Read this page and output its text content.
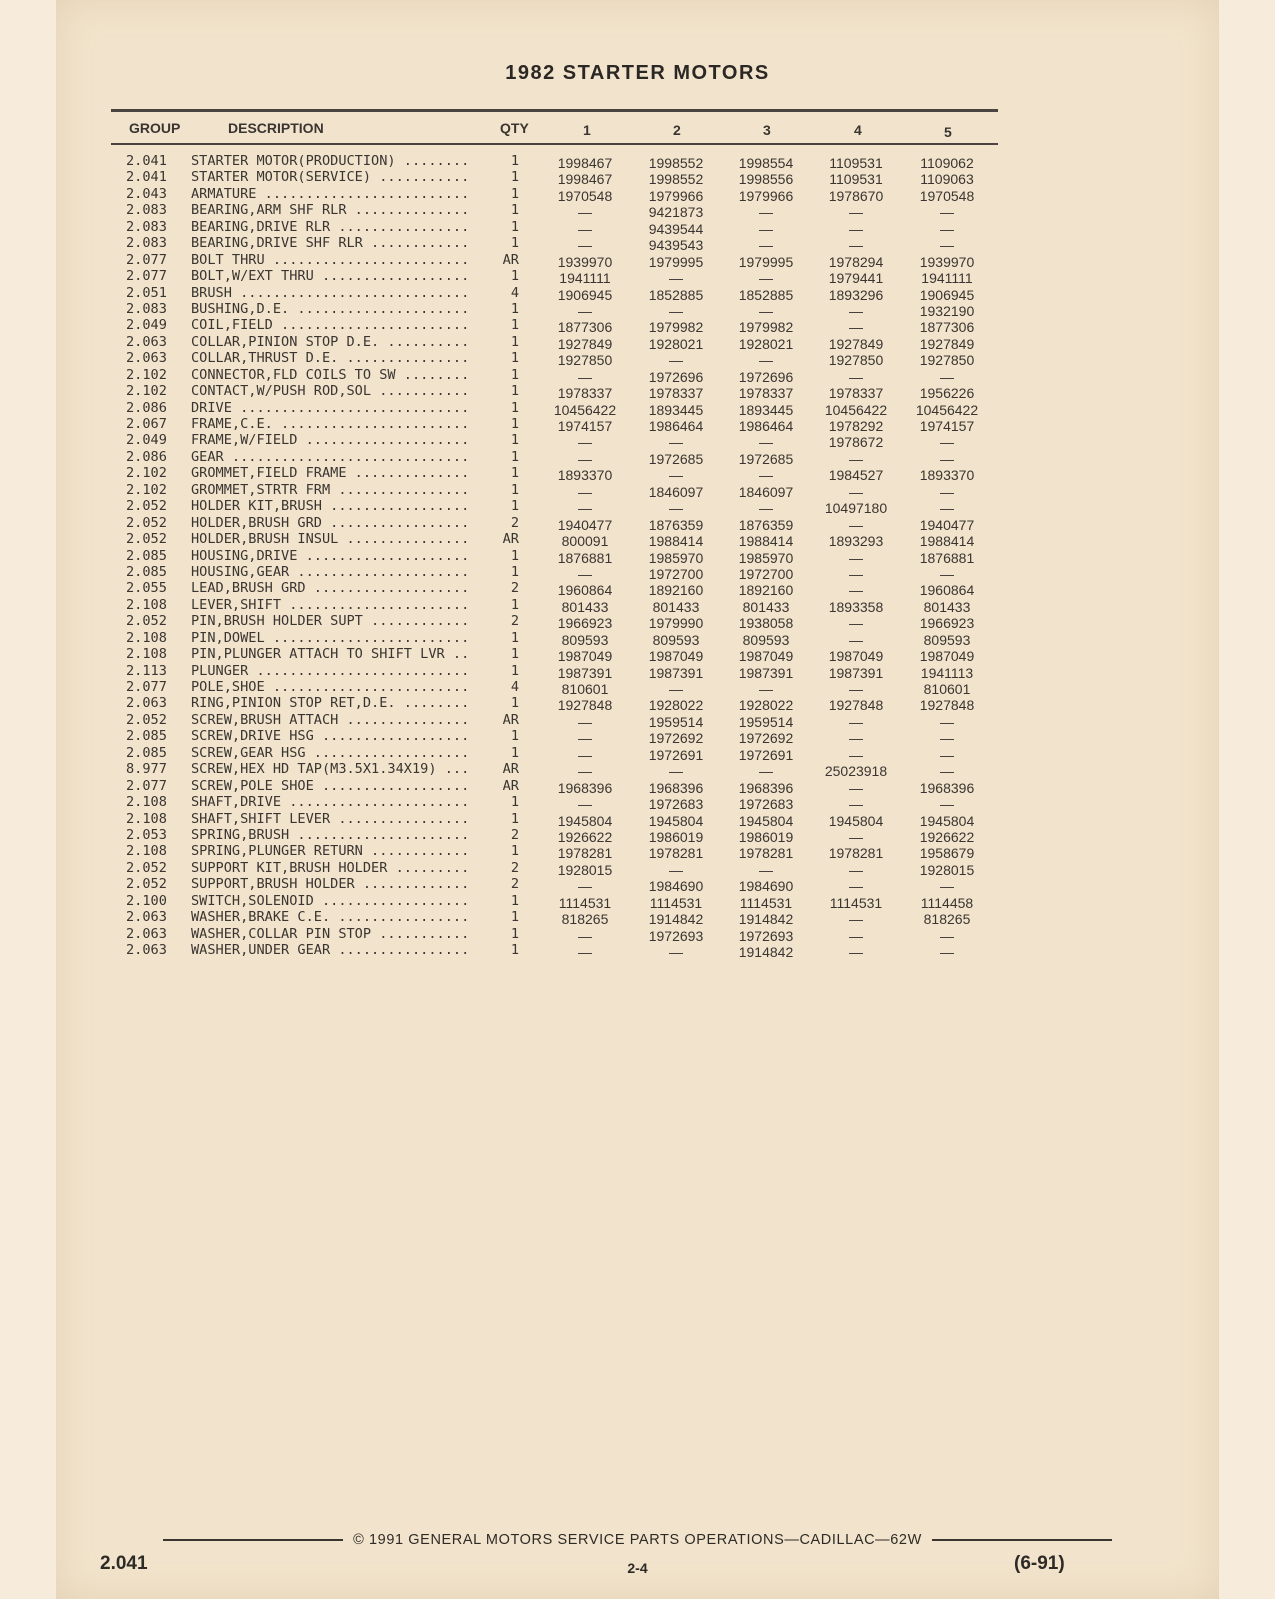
1982 STARTER MOTORS
GROUP	DESCRIPTION	QTY	1	2	3	4	5
2.041 STARTER MOTOR(PRODUCTION) ........	1	1998467	1998552	1998554	1109531	1109062
2.041 STARTER MOTOR(SERVICE) ...........	1	1998467	1998552	1998556	1109531	1109063
2.043 ARMATURE .........................	1	1970548	1979966	1979966	1978670	1970548
2.083 BEARING,ARM SHF RLR ..............	1	—	9421873	—	—	—
2.083 BEARING,DRIVE RLR ................	1	—	9439544	—	—	—
2.083 BEARING,DRIVE SHF RLR ............	1	—	9439543	—	—	—
2.077 BOLT THRU ........................	AR	1939970	1979995	1979995	1978294	1939970
2.077 BOLT,W/EXT THRU ..................	1	1941111	—	—	1979441	1941111
2.051 BRUSH ............................	4	1906945	1852885	1852885	1893296	1906945
2.083 BUSHING,D.E. .....................	1	—	—	—	—	1932190
2.049 COIL,FIELD .......................	1	1877306	1979982	1979982	—	1877306
2.063 COLLAR,PINION STOP D.E. ..........	1	1927849	1928021	1928021	1927849	1927849
2.063 COLLAR,THRUST D.E. ...............	1	1927850	—	—	1927850	1927850
2.102 CONNECTOR,FLD COILS TO SW ........	1	—	1972696	1972696	—	—
2.102 CONTACT,W/PUSH ROD,SOL ...........	1	1978337	1978337	1978337	1978337	1956226
2.086 DRIVE ............................	1	10456422	1893445	1893445	10456422	10456422
2.067 FRAME,C.E. .......................	1	1974157	1986464	1986464	1978292	1974157
2.049 FRAME,W/FIELD ....................	1	—	—	—	1978672	—
2.086 GEAR .............................	1	—	1972685	1972685	—	—
2.102 GROMMET,FIELD FRAME ..............	1	1893370	—	—	1984527	1893370
2.102 GROMMET,STRTR FRM ................	1	—	1846097	1846097	—	—
2.052 HOLDER KIT,BRUSH .................	1	—	—	—	10497180	—
2.052 HOLDER,BRUSH GRD .................	2	1940477	1876359	1876359	—	1940477
2.052 HOLDER,BRUSH INSUL ...............	AR	800091	1988414	1988414	1893293	1988414
2.085 HOUSING,DRIVE ....................	1	1876881	1985970	1985970	—	1876881
2.085 HOUSING,GEAR .....................	1	—	1972700	1972700	—	—
2.055 LEAD,BRUSH GRD ...................	2	1960864	1892160	1892160	—	1960864
2.108 LEVER,SHIFT ......................	1	801433	801433	801433	1893358	801433
2.052 PIN,BRUSH HOLDER SUPT ............	2	1966923	1979990	1938058	—	1966923
2.108 PIN,DOWEL ........................	1	809593	809593	809593	—	809593
2.108 PIN,PLUNGER ATTACH TO SHIFT LVR ..	1	1987049	1987049	1987049	1987049	1987049
2.113 PLUNGER ..........................	1	1987391	1987391	1987391	1987391	1941113
2.077 POLE,SHOE ........................	4	810601	—	—	—	810601
2.063 RING,PINION STOP RET,D.E. ........	1	1927848	1928022	1928022	1927848	1927848
2.052 SCREW,BRUSH ATTACH ...............	AR	—	1959514	1959514	—	—
2.085 SCREW,DRIVE HSG ..................	1	—	1972692	1972692	—	—
2.085 SCREW,GEAR HSG ...................	1	—	1972691	1972691	—	—
8.977 SCREW,HEX HD TAP(M3.5X1.34X19) ...	AR	—	—	—	25023918	—
2.077 SCREW,POLE SHOE ..................	AR	1968396	1968396	1968396	—	1968396
2.108 SHAFT,DRIVE ......................	1	—	1972683	1972683	—	—
2.108 SHAFT,SHIFT LEVER ................	1	1945804	1945804	1945804	1945804	1945804
2.053 SPRING,BRUSH .....................	2	1926622	1986019	1986019	—	1926622
2.108 SPRING,PLUNGER RETURN ............	1	1978281	1978281	1978281	1978281	1958679
2.052 SUPPORT KIT,BRUSH HOLDER .........	2	1928015	—	—	—	1928015
2.052 SUPPORT,BRUSH HOLDER .............	2	—	1984690	1984690	—	—
2.100 SWITCH,SOLENOID ..................	1	1114531	1114531	1114531	1114531	1114458
2.063 WASHER,BRAKE C.E. ................	1	818265	1914842	1914842	—	818265
2.063 WASHER,COLLAR PIN STOP ...........	1	—	1972693	1972693	—	—
2.063 WASHER,UNDER GEAR ................	1	—	—	1914842	—	—
© 1991 GENERAL MOTORS SERVICE PARTS OPERATIONS—CADILLAC—62W
2.041	2-4	(6-91)
